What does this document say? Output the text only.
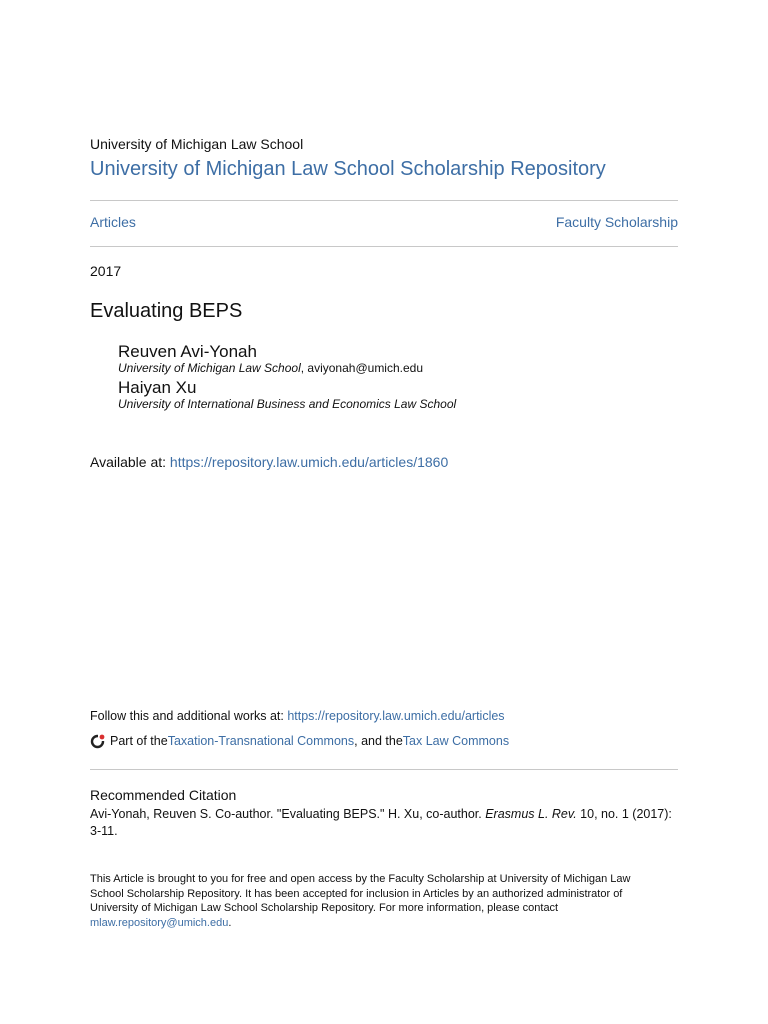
University of Michigan Law School
University of Michigan Law School Scholarship Repository
Articles	Faculty Scholarship
2017
Evaluating BEPS
Reuven Avi-Yonah
University of Michigan Law School, aviyonah@umich.edu
Haiyan Xu
University of International Business and Economics Law School
Available at: https://repository.law.umich.edu/articles/1860
Follow this and additional works at: https://repository.law.umich.edu/articles
Part of the Taxation-Transnational Commons , and the Tax Law Commons
Recommended Citation
Avi-Yonah, Reuven S. Co-author. "Evaluating BEPS." H. Xu, co-author. Erasmus L. Rev. 10, no. 1 (2017): 3-11.
This Article is brought to you for free and open access by the Faculty Scholarship at University of Michigan Law School Scholarship Repository. It has been accepted for inclusion in Articles by an authorized administrator of University of Michigan Law School Scholarship Repository. For more information, please contact mlaw.repository@umich.edu.
